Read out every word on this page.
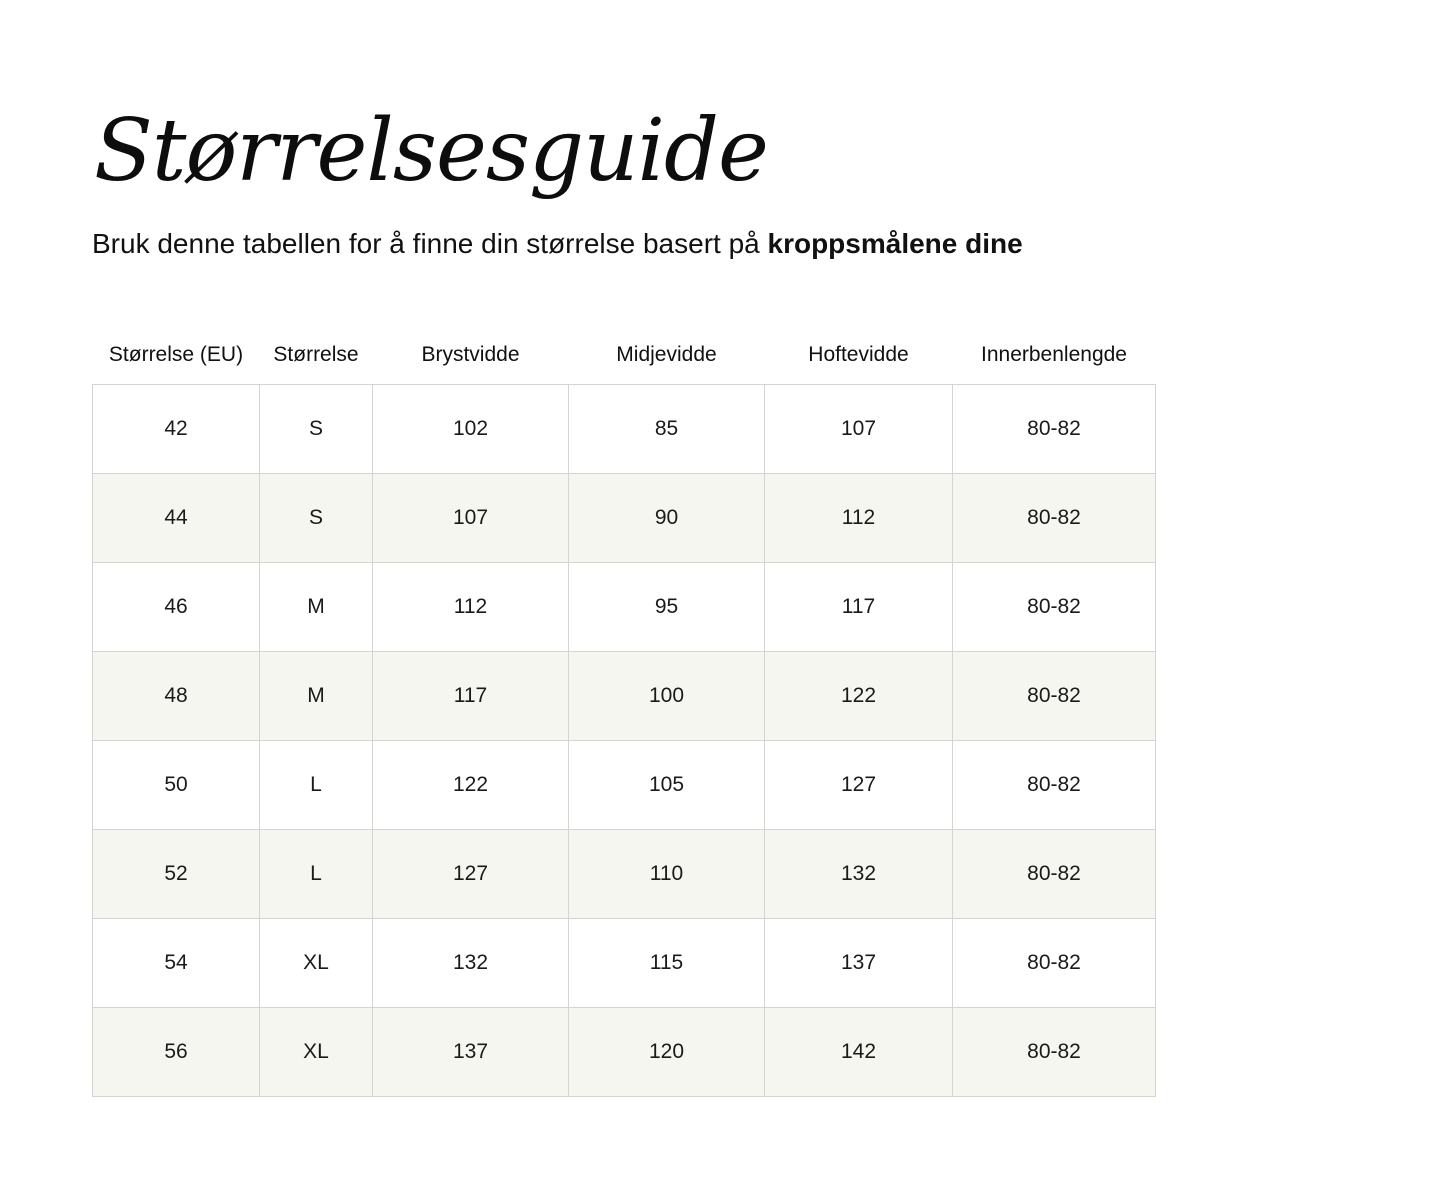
Størrelsesguide

Bruk denne tabellen for å finne din størrelse basert på kroppsmålene dine

Størrelse (EU)	Størrelse	Brystvidde	Midjevidde	Hoftevidde	Innerbenlengde
42	S	102	85	107	80-82
44	S	107	90	112	80-82
46	M	112	95	117	80-82
48	M	117	100	122	80-82
50	L	122	105	127	80-82
52	L	127	110	132	80-82
54	XL	132	115	137	80-82
56	XL	137	120	142	80-82
